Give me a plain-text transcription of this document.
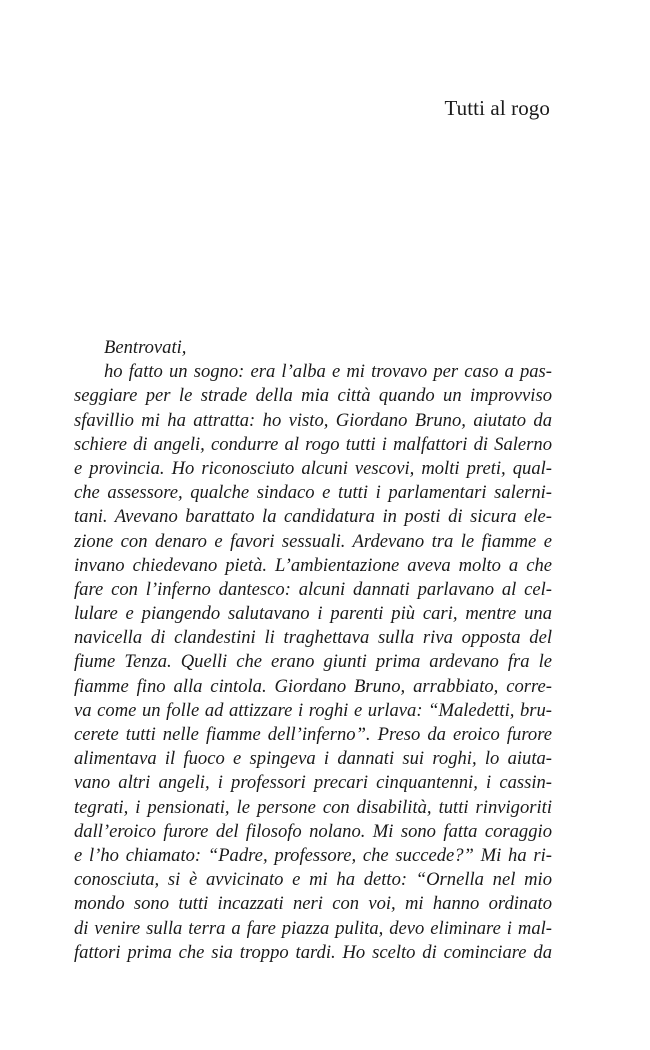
Tutti al rogo
Bentrovati,
ho fatto un sogno: era l’alba e mi trovavo per caso a pas-
seggiare per le strade della mia città quando un improvviso
sfavillio mi ha attratta: ho visto, Giordano Bruno, aiutato da
schiere di angeli, condurre al rogo tutti i malfattori di Salerno
e provincia. Ho riconosciuto alcuni vescovi, molti preti, qual-
che assessore, qualche sindaco e tutti i parlamentari salerni-
tani. Avevano barattato la candidatura in posti di sicura ele-
zione con denaro e favori sessuali. Ardevano tra le fiamme e
invano chiedevano pietà. L’ambientazione aveva molto a che
fare con l’inferno dantesco: alcuni dannati parlavano al cel-
lulare e piangendo salutavano i parenti più cari, mentre una
navicella di clandestini li traghettava sulla riva opposta del
fiume Tenza. Quelli che erano giunti prima ardevano fra le
fiamme fino alla cintola. Giordano Bruno, arrabbiato, corre-
va come un folle ad attizzare i roghi e urlava: “Maledetti, bru-
cerete tutti nelle fiamme dell’inferno”. Preso da eroico furore
alimentava il fuoco e spingeva i dannati sui roghi, lo aiuta-
vano altri angeli, i professori precari cinquantenni, i cassin-
tegrati, i pensionati, le persone con disabilità, tutti rinvigoriti
dall’eroico furore del filosofo nolano. Mi sono fatta coraggio
e l’ho chiamato: “Padre, professore, che succede?” Mi ha ri-
conosciuta, si è avvicinato e mi ha detto: “Ornella nel mio
mondo sono tutti incazzati neri con voi, mi hanno ordinato
di venire sulla terra a fare piazza pulita, devo eliminare i mal-
fattori prima che sia troppo tardi. Ho scelto di cominciare da
